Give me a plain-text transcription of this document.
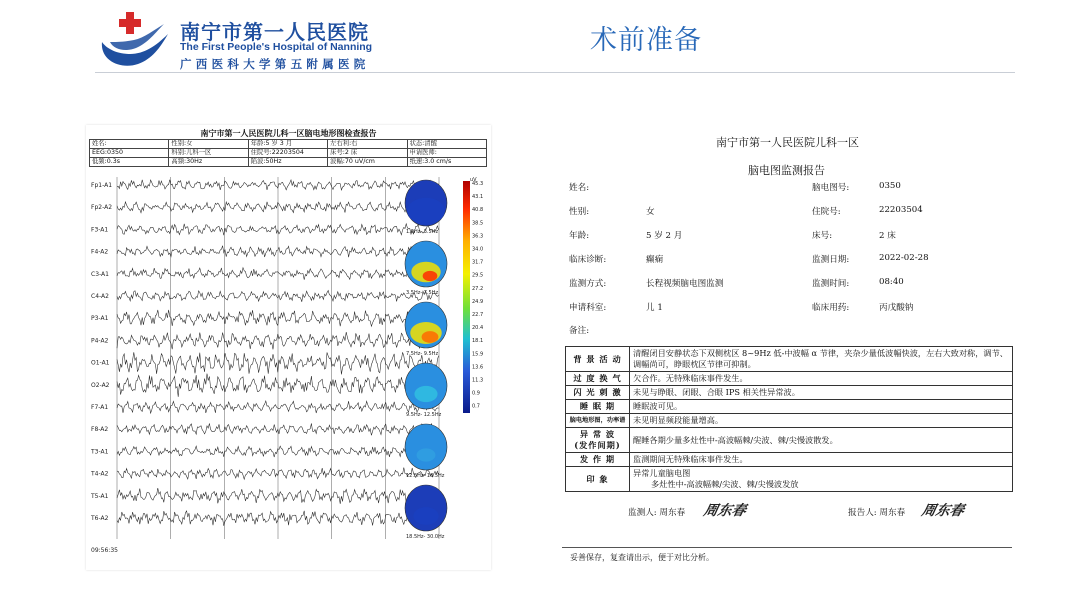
南宁市第一人民医院
The First People's Hospital of Nanning
广西医科大学第五附属医院
术前准备
南宁市第一人民医院儿科一区脑电地形图检查报告
姓名:	性别:女	年龄:5 岁 3 月	左右利:右	状态:清醒
EEG:0350	科别:儿科一区	住院号:22203504	床号:2 床	申请医师:
低频:0.3s	高频:30Hz	陷波:50Hz	波幅:70 uV/cm	纸速:3.0 cm/s
Fp1-A1
Fp2-A2
F3-A1
F4-A2
C3-A1
C4-A2
P3-A1
P4-A2
O1-A1
O2-A2
F7-A1
F8-A2
T3-A1
T4-A2
T5-A1
T6-A2
09:56:35
uV
45.3
43.1
40.8
38.5
36.3
34.0
31.7
29.5
27.2
24.9
22.7
20.4
18.1
15.9
13.6
11.3
0.9
0.7
1.0Hz- 3.5Hz
3.5Hz- 7.5Hz
7.5Hz- 9.5Hz
9.5Hz- 12.5Hz
12.5Hz- 18.5Hz
18.5Hz- 30.0Hz
南宁市第一人民医院儿科一区
脑电图监测报告
姓名:	脑电图号:	0350
性别:	女	住院号:	22203504
年龄:	5 岁 2 月	床号:	2 床
临床诊断:	癫痫	监测日期:	2022-02-28
监测方式:	长程视频脑电图监测	监测时间:	08:40
申请科室:	儿 1	临床用药:	丙戊酸钠
备注:
背 景 活 动	清醒闭目安静状态下双侧枕区 8~9Hz 低-中波幅 α 节律，夹杂少量低波幅快波，左右大致对称，调节、调幅尚可，睁眼枕区节律可抑制。
过 度 换 气	欠合作。无特殊临床事件发生。
闪 光 刺 激	未见与睁眼、闭眼、合眼 IPS 相关性异常波。
睡 眠 期	睡眠波可见。
脑电地形图，功率谱	未见明显频段能量增高。

异 常 波
(发作间期)	醒睡各期少量多灶性中-高波幅棘/尖波、棘/尖慢波散发。
发 作 期	监测期间无特殊临床事件发生。
印 象	异常儿童脑电图
多灶性中-高波幅棘/尖波、棘/尖慢波发放
监测人: 周东春 周东春	报告人: 周东春 周东春
妥善保存，复查请出示，便于对比分析。
